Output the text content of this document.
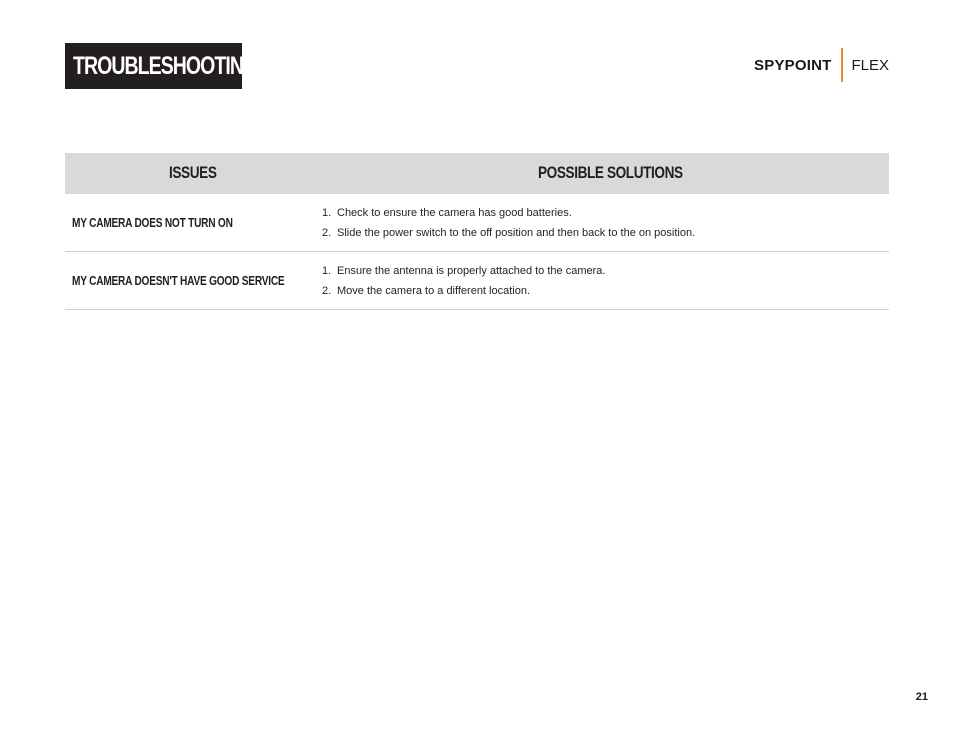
TROUBLESHOOTING	SPYPOINT FLEX
ISSUES	POSSIBLE SOLUTIONS
MY CAMERA DOES NOT TURN ON
1. Check to ensure the camera has good batteries.
2. Slide the power switch to the off position and then back to the on position.
MY CAMERA DOESN'T HAVE GOOD SERVICE
1. Ensure the antenna is properly attached to the camera.
2. Move the camera to a different location.
21
